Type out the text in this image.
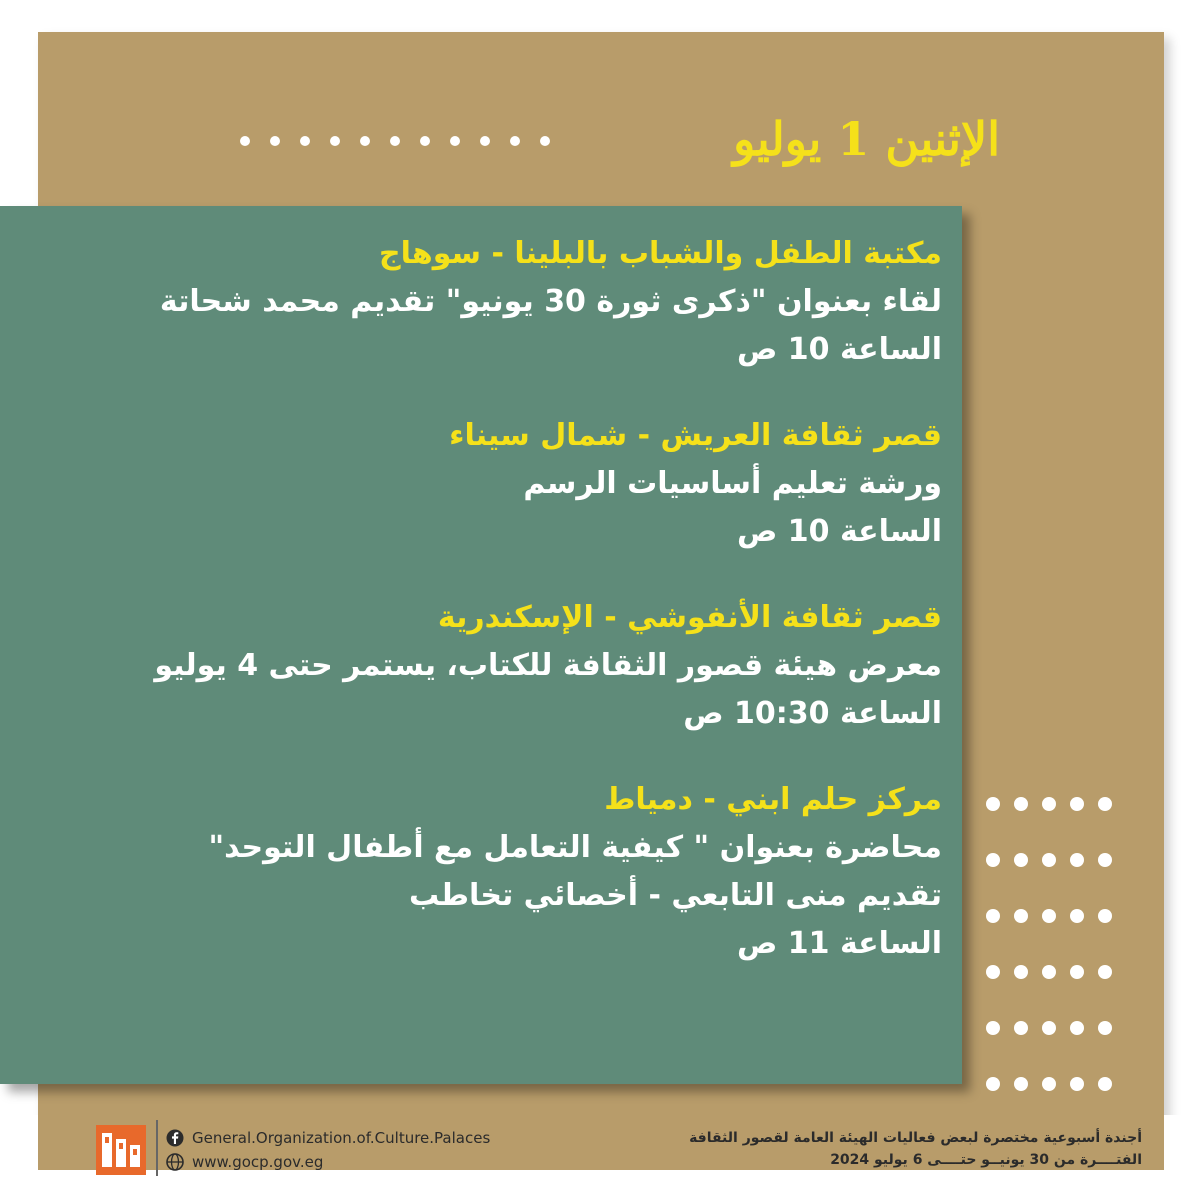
الإثنين 1 يوليو
مكتبة الطفل والشباب بالبلينا - سوهاج
لقاء بعنوان "ذكرى ثورة 30 يونيو" تقديم محمد شحاتة
الساعة 10 ص
قصر ثقافة العريش - شمال سيناء
ورشة تعليم أساسيات الرسم
الساعة 10 ص
قصر ثقافة الأنفوشي - الإسكندرية
معرض هيئة قصور الثقافة للكتاب، يستمر حتى 4 يوليو
الساعة 10:30 ص
مركز حلم ابني - دمياط
محاضرة بعنوان " كيفية التعامل مع أطفال التوحد"
تقديم منى التابعي - أخصائي تخاطب
الساعة 11 ص
General.Organization.of.Culture.Palaces
www.gocp.gov.eg
أجندة أسبوعية مختصرة لبعض فعاليات الهيئة العامة لقصور الثقافة
الفتــــرة من 30 يونيــو حتــــى 6 يوليو 2024
